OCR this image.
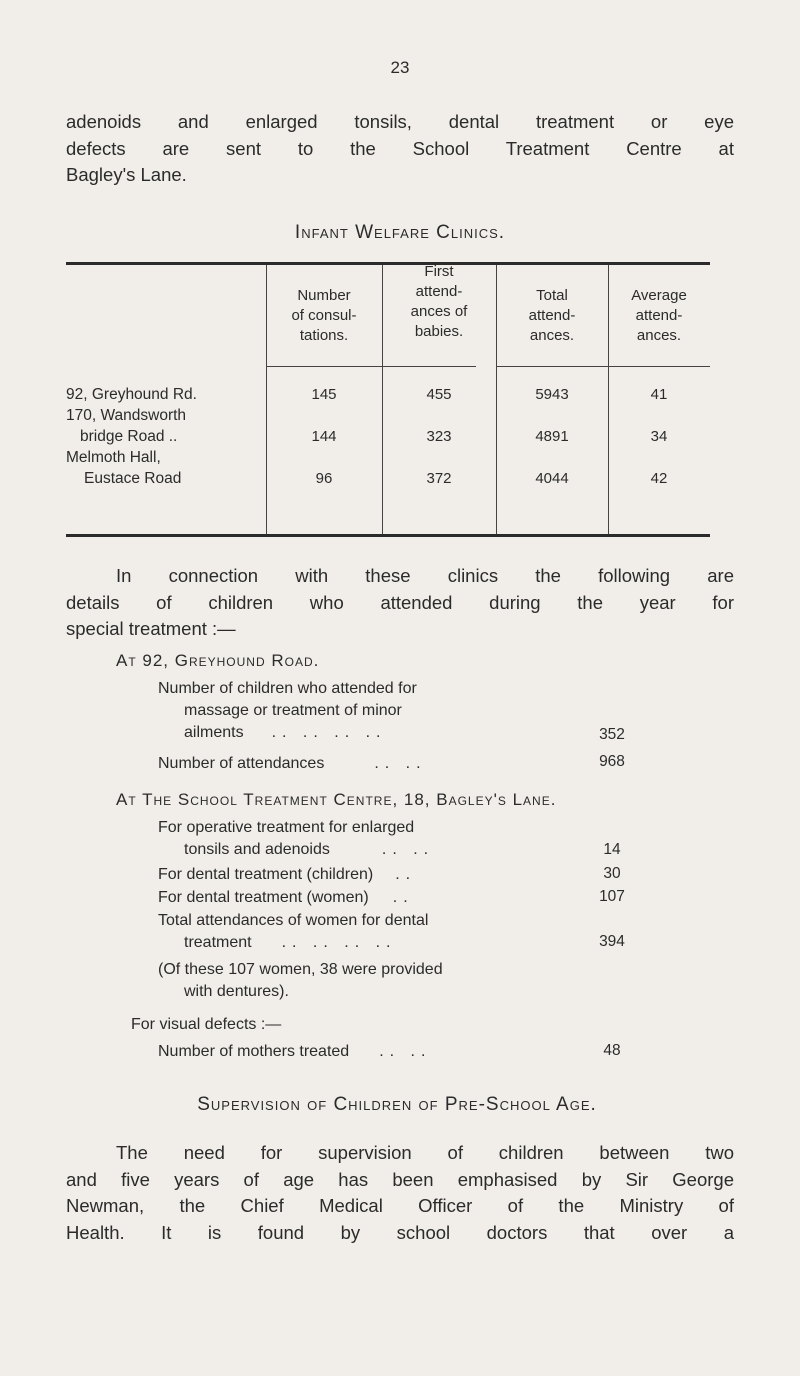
23
adenoids and enlarged tonsils, dental treatment or eye
defects are sent to the School Treatment Centre at
Bagley's Lane.
Infant Welfare Clinics.
Number
of consul-
tations.
First
attend-
ances of
babies.
Total
attend-
ances.
Average
attend-
ances.
92, Greyhound Rd.	145	455	5943	41
170, Wandsworth
bridge Road ..	144	323	4891	34
Melmoth Hall,
Eustace Road	96	372	4044	42
In connection with these clinics the following are
details of children who attended during the year for
special treatment :—
At 92, Greyhound Road.
Number of children who attended for
massage or treatment of minor
ailments .. .. .. ..	352
Number of attendances	.. ..	968
At The School Treatment Centre, 18, Bagley's Lane.
For operative treatment for enlarged
tonsils and adenoids	.. ..	14
For dental treatment (children) ..	30
For dental treatment (women) ..	107
Total attendances of women for dental
treatment .. .. .. ..	394
(Of these 107 women, 38 were provided
with dentures).
For visual defects :—
Number of mothers treated .. ..	48
Supervision of Children of Pre-School Age.
The need for supervision of children between two
and five years of age has been emphasised by Sir George
Newman, the Chief Medical Officer of the Ministry of
Health. It is found by school doctors that over a
